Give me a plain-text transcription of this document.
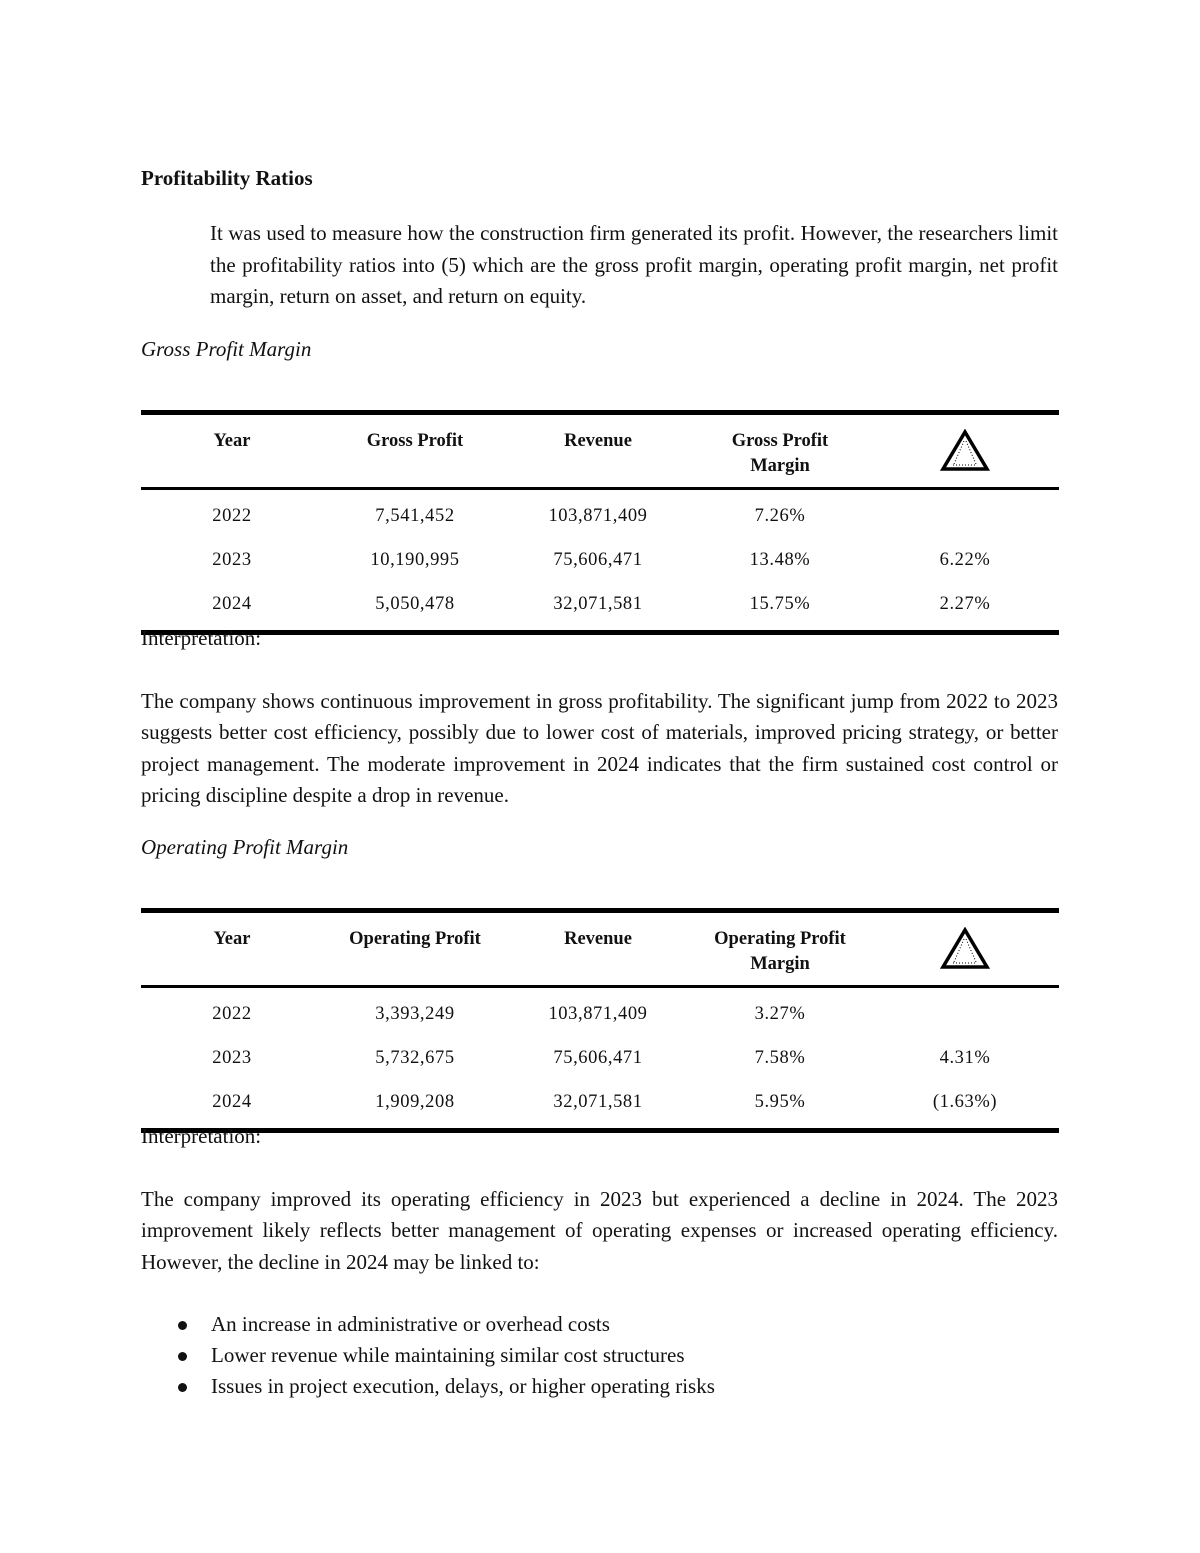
Profitability Ratios
It was used to measure how the construction firm generated its profit. However, the researchers limit the profitability ratios into (5) which are the gross profit margin, operating profit margin, net profit margin, return on asset, and return on equity.
Gross Profit Margin
Year	Gross Profit	Revenue	Gross Profit Margin	
2022	7,541,452	103,871,409	7.26%	
2023	10,190,995	75,606,471	13.48%	6.22%
2024	5,050,478	32,071,581	15.75%	2.27%
Interpretation:
The company shows continuous improvement in gross profitability. The significant jump from 2022 to 2023 suggests better cost efficiency, possibly due to lower cost of materials, improved pricing strategy, or better project management. The moderate improvement in 2024 indicates that the firm sustained cost control or pricing discipline despite a drop in revenue.
Operating Profit Margin
Year	Operating Profit	Revenue	Operating Profit Margin	
2022	3,393,249	103,871,409	3.27%	
2023	5,732,675	75,606,471	7.58%	4.31%
2024	1,909,208	32,071,581	5.95%	(1.63%)
Interpretation:
The company improved its operating efficiency in 2023 but experienced a decline in 2024. The 2023 improvement likely reflects better management of operating expenses or increased operating efficiency. However, the decline in 2024 may be linked to:
An increase in administrative or overhead costs
Lower revenue while maintaining similar cost structures
Issues in project execution, delays, or higher operating risks
